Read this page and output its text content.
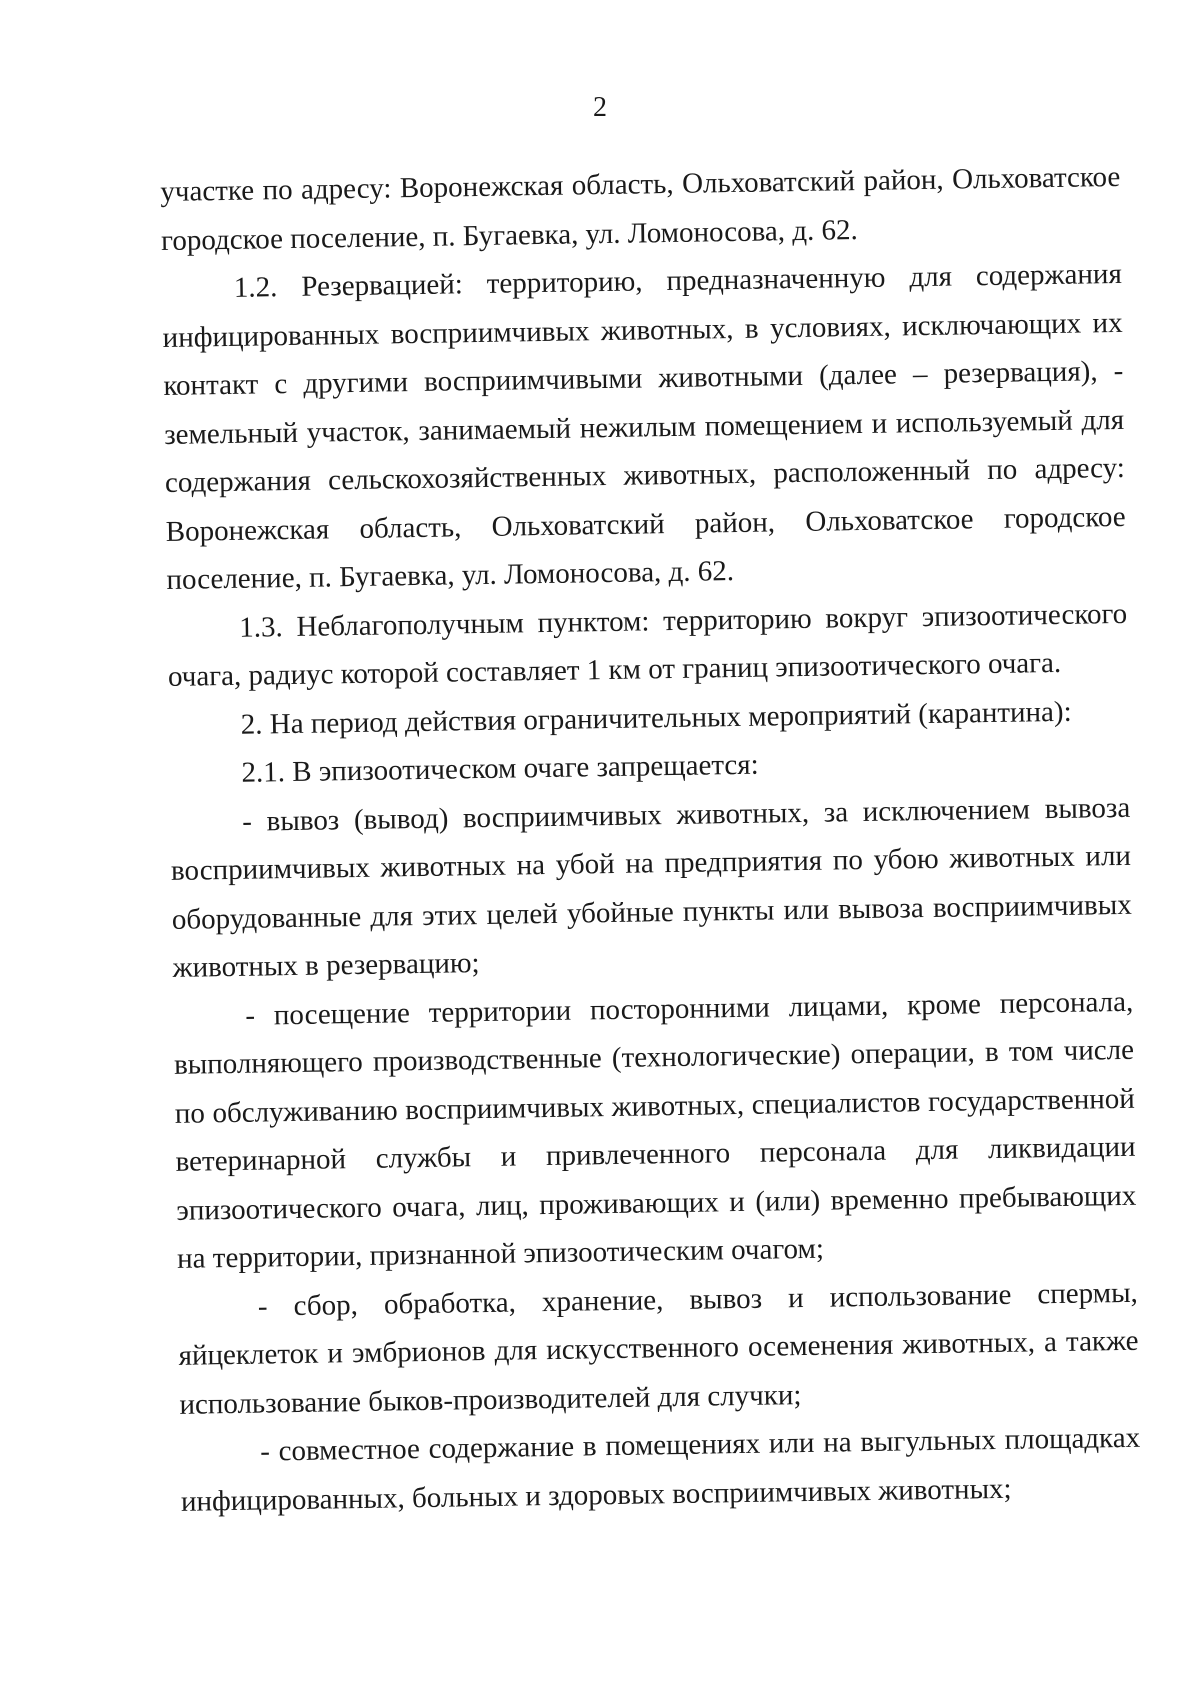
2

участке по адресу: Воронежская область, Ольховатский район, Ольховатское городское поселение, п. Бугаевка, ул. Ломоносова, д. 62.

1.2. Резервацией: территорию, предназначенную для содержания инфицированных восприимчивых животных, в условиях, исключающих их контакт с другими восприимчивыми животными (далее – резервация), - земельный участок, занимаемый нежилым помещением и используемый для содержания сельскохозяйственных животных, расположенный по адресу: Воронежская область, Ольховатский район, Ольховатское городское поселение, п. Бугаевка, ул. Ломоносова, д. 62.

1.3. Неблагополучным пунктом: территорию вокруг эпизоотического очага, радиус которой составляет 1 км от границ эпизоотического очага.

2. На период действия ограничительных мероприятий (карантина):

2.1. В эпизоотическом очаге запрещается:

- вывоз (вывод) восприимчивых животных, за исключением вывоза восприимчивых животных на убой на предприятия по убою животных или оборудованные для этих целей убойные пункты или вывоза восприимчивых животных в резервацию;

- посещение территории посторонними лицами, кроме персонала, выполняющего производственные (технологические) операции, в том числе по обслуживанию восприимчивых животных, специалистов государственной ветеринарной службы и привлеченного персонала для ликвидации эпизоотического очага, лиц, проживающих и (или) временно пребывающих на территории, признанной эпизоотическим очагом;

- сбор, обработка, хранение, вывоз и использование спермы, яйцеклеток и эмбрионов для искусственного осеменения животных, а также использование быков-производителей для случки;

- совместное содержание в помещениях или на выгульных площадках инфицированных, больных и здоровых восприимчивых животных;
